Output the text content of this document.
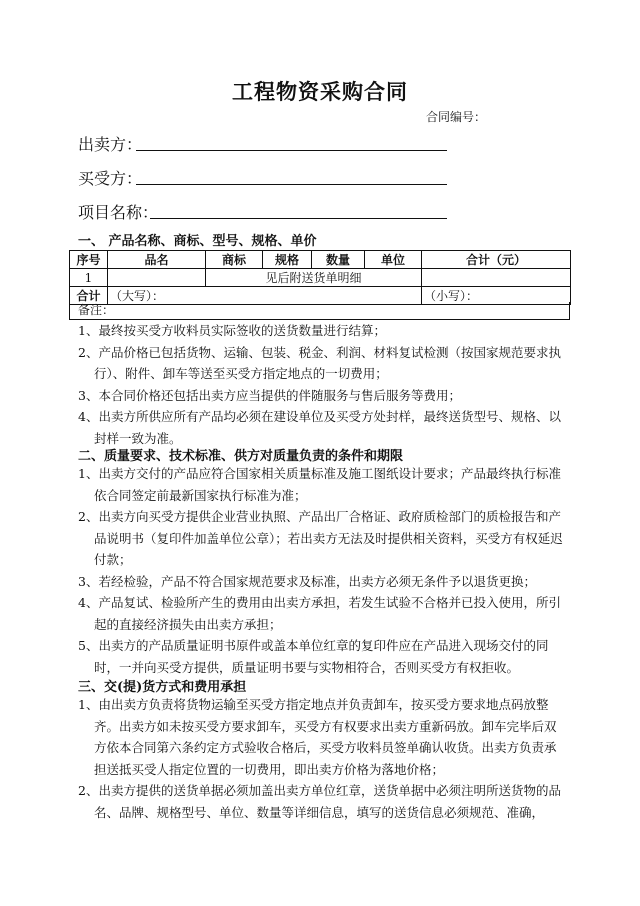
工程物资采购合同
合同编号：
出卖方：
买受方：
项目名称：
一、 产品名称、商标、型号、规格、单价
序号	品名	商标	规格	数量	单位	合计（元）
1		见后附送货单明细				
合计	（大写）：					（小写）：
备注：
1、最终按买受方收料员实际签收的送货数量进行结算；
2、产品价格已包括货物、运输、包装、税金、利润、材料复试检测（按国家规范要求执行）、附件、卸车等送至买受方指定地点的一切费用；
3、本合同价格还包括出卖方应当提供的伴随服务与售后服务等费用；
4、出卖方所供应所有产品均必须在建设单位及买受方处封样，最终送货型号、规格、以封样一致为准。
二、质量要求、技术标准、供方对质量负责的条件和期限
1、出卖方交付的产品应符合国家相关质量标准及施工图纸设计要求；产品最终执行标准依合同签定前最新国家执行标准为准；
2、出卖方向买受方提供企业营业执照、产品出厂合格证、政府质检部门的质检报告和产品说明书（复印件加盖单位公章）；若出卖方无法及时提供相关资料，买受方有权延迟付款；
3、若经检验，产品不符合国家规范要求及标准，出卖方必须无条件予以退货更换；
4、产品复试、检验所产生的费用由出卖方承担，若发生试验不合格并已投入使用，所引起的直接经济损失由出卖方承担；
5、出卖方的产品质量证明书原件或盖本单位红章的复印件应在产品进入现场交付的同时，一并向买受方提供，质量证明书要与实物相符合，否则买受方有权拒收。
三、交(提)货方式和费用承担
1、由出卖方负责将货物运输至买受方指定地点并负责卸车，按买受方要求地点码放整齐。出卖方如未按买受方要求卸车，买受方有权要求出卖方重新码放。卸车完毕后双方依本合同第六条约定方式验收合格后，买受方收料员签单确认收货。出卖方负责承担送抵买受人指定位置的一切费用，即出卖方价格为落地价格；
2、出卖方提供的送货单据必须加盖出卖方单位红章，送货单据中必须注明所送货物的品名、品牌、规格型号、单位、数量等详细信息，填写的送货信息必须规范、准确，
